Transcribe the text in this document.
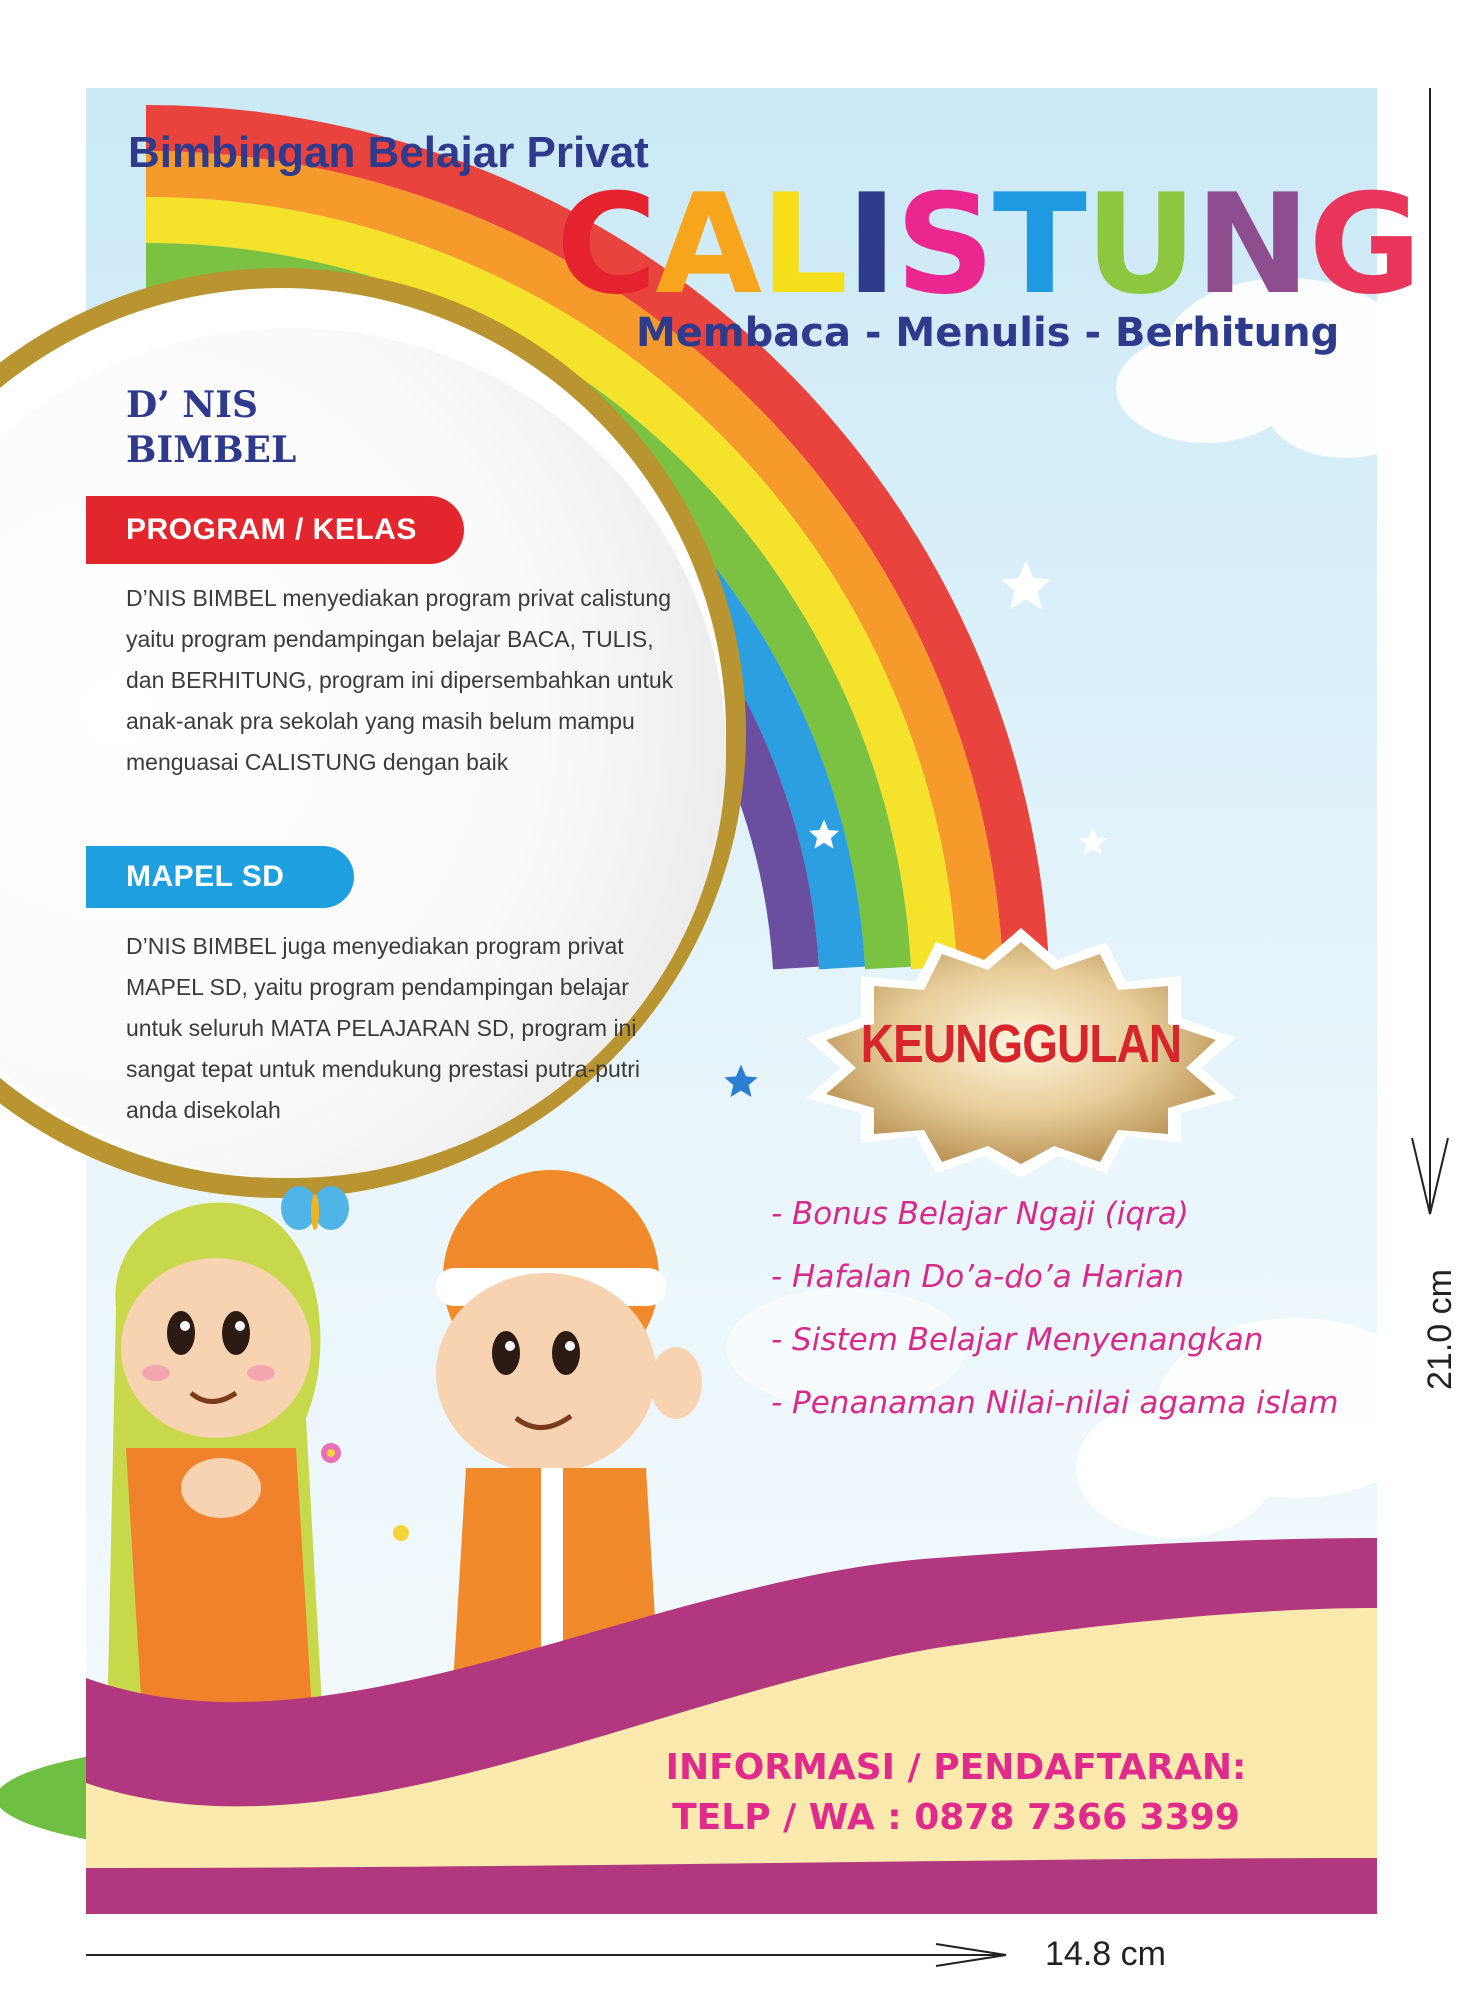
Bimbingan Belajar Privat
CALISTUNG
Membaca - Menulis - Berhitung
D’ NIS
BIMBEL
PROGRAM / KELAS
D’NIS BIMBEL menyediakan program privat calistung yaitu program pendampingan belajar BACA, TULIS, dan BERHITUNG, program ini dipersembahkan untuk anak-anak pra sekolah yang masih belum mampu menguasai CALISTUNG dengan baik
MAPEL SD
D’NIS BIMBEL juga menyediakan program privat MAPEL SD, yaitu program pendampingan belajar untuk seluruh MATA PELAJARAN SD, program ini sangat tepat untuk mendukung prestasi putra-putri anda disekolah
KEUNGGULAN
- Bonus Belajar Ngaji (iqra)
- Hafalan Do’a-do’a Harian
- Sistem Belajar Menyenangkan
- Penanaman Nilai-nilai agama islam
INFORMASI / PENDAFTARAN:
TELP / WA : 0878 7366 3399
21.0 cm
14.8 cm
